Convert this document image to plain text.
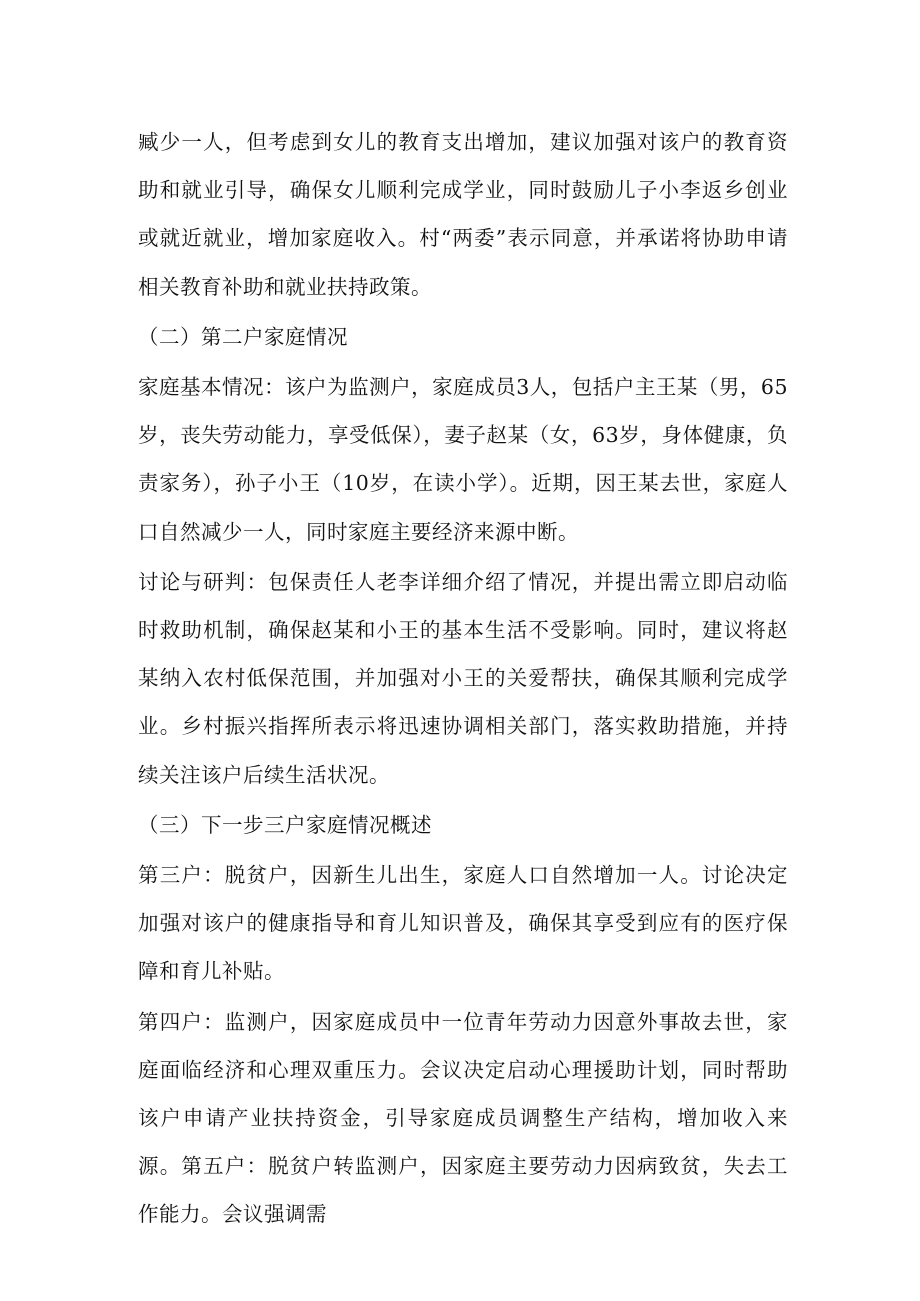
臧少一人，但考虑到女儿的教育支出增加，建议加强对该户的教育资助和就业引导，确保女儿顺利完成学业，同时鼓励儿子小李返乡创业或就近就业，增加家庭收入。村“两委”表示同意，并承诺将协助申请相关教育补助和就业扶持政策。

（二）第二户家庭情况

家庭基本情况：该户为监测户，家庭成员3人，包括户主王某（男，65岁，丧失劳动能力，享受低保），妻子赵某（女，63岁，身体健康，负责家务），孙子小王（10岁，在读小学）。近期，因王某去世，家庭人口自然减少一人，同时家庭主要经济来源中断。

讨论与研判：包保责任人老李详细介绍了情况，并提出需立即启动临时救助机制，确保赵某和小王的基本生活不受影响。同时，建议将赵某纳入农村低保范围，并加强对小王的关爱帮扶，确保其顺利完成学业。乡村振兴指挥所表示将迅速协调相关部门，落实救助措施，并持续关注该户后续生活状况。

（三）下一步三户家庭情况概述

第三户：脱贫户，因新生儿出生，家庭人口自然增加一人。讨论决定加强对该户的健康指导和育儿知识普及，确保其享受到应有的医疗保障和育儿补贴。

第四户：监测户，因家庭成员中一位青年劳动力因意外事故去世，家庭面临经济和心理双重压力。会议决定启动心理援助计划，同时帮助该户申请产业扶持资金，引导家庭成员调整生产结构，增加收入来源。第五户：脱贫户转监测户，因家庭主要劳动力因病致贫，失去工作能力。会议强调需
